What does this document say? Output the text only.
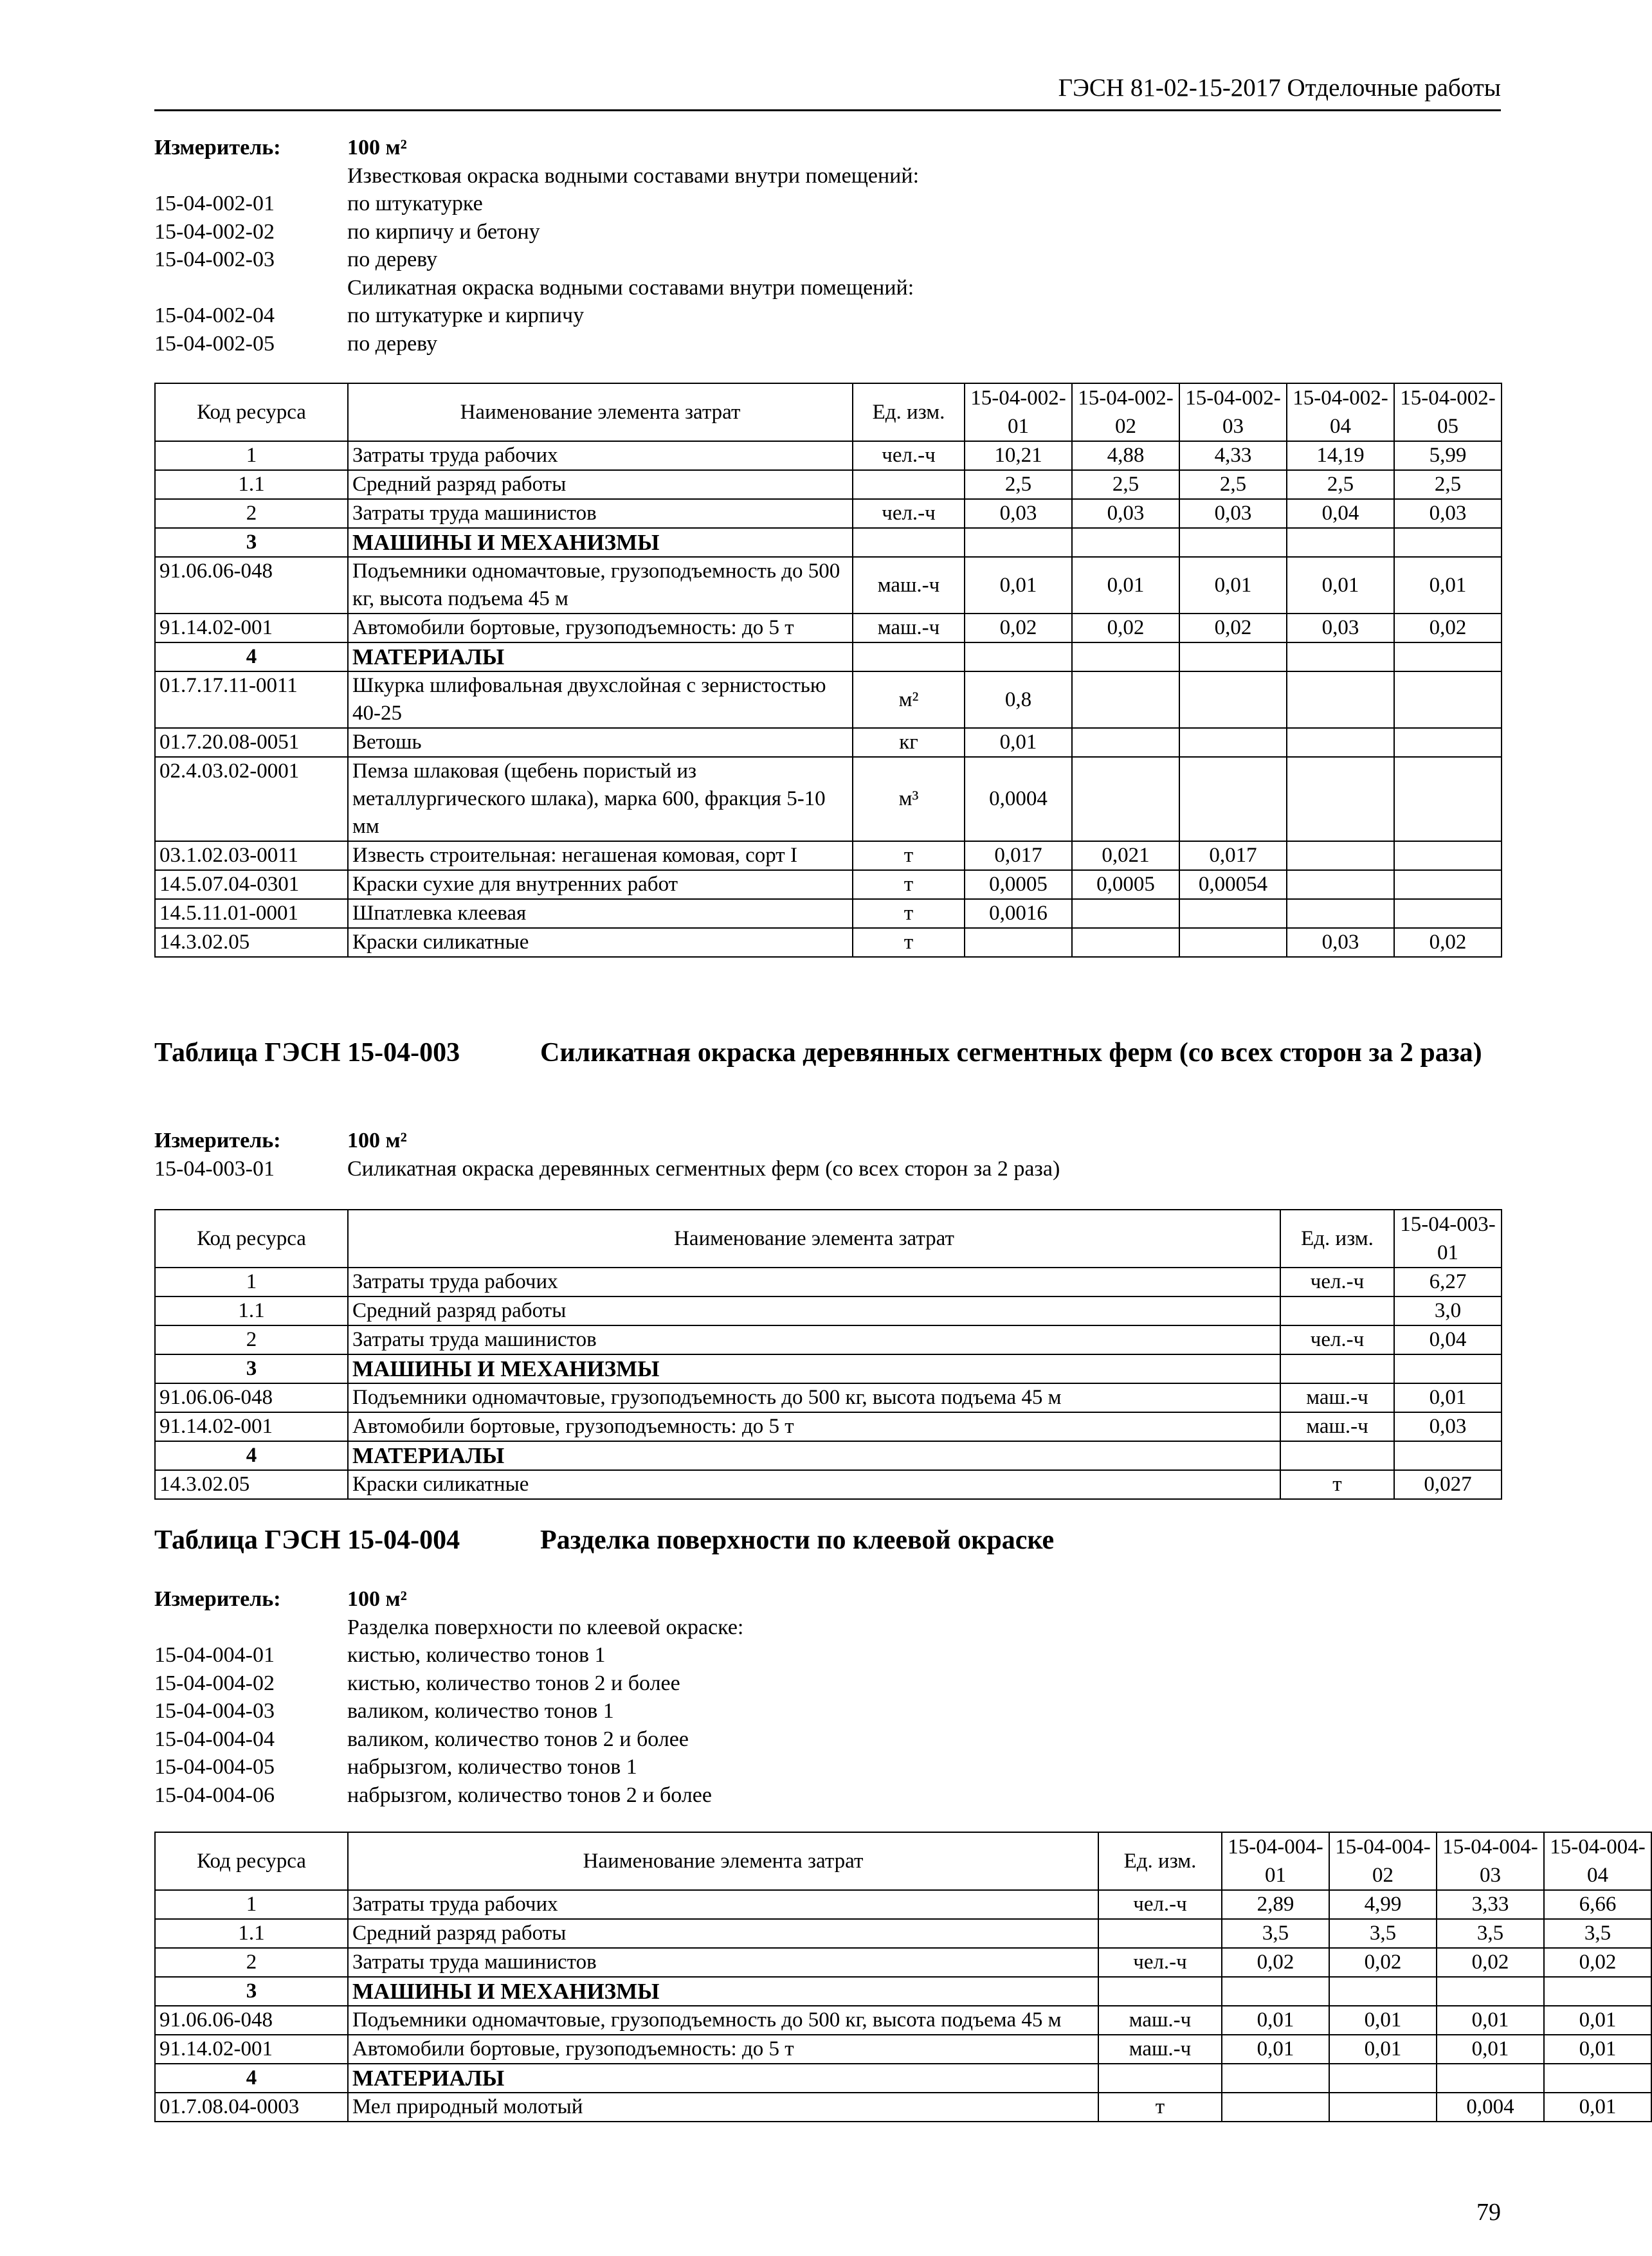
ГЭСН 81-02-15-2017 Отделочные работы
Измеритель:	100 м²
Известковая окраска водными составами внутри помещений:
15-04-002-01	по штукатурке
15-04-002-02	по кирпичу и бетону
15-04-002-03	по дереву
Силикатная окраска водными составами внутри помещений:
15-04-002-04	по штукатурке и кирпичу
15-04-002-05	по дереву
Код ресурса	Наименование элемента затрат	Ед. изм.	15-04-002-01	15-04-002-02	15-04-002-03	15-04-002-04	15-04-002-05
1	Затраты труда рабочих	чел.-ч	10,21	4,88	4,33	14,19	5,99
1.1	Средний разряд работы		2,5	2,5	2,5	2,5	2,5
2	Затраты труда машинистов	чел.-ч	0,03	0,03	0,03	0,04	0,03
3	МАШИНЫ И МЕХАНИЗМЫ						
91.06.06-048	Подъемники одномачтовые, грузоподъемность до 500 кг, высота подъема 45 м	маш.-ч	0,01	0,01	0,01	0,01	0,01
91.14.02-001	Автомобили бортовые, грузоподъемность: до 5 т	маш.-ч	0,02	0,02	0,02	0,03	0,02
4	МАТЕРИАЛЫ						
01.7.17.11-0011	Шкурка шлифовальная двухслойная с зернистостью 40-25	м²	0,8				
01.7.20.08-0051	Ветошь	кг	0,01				
02.4.03.02-0001	Пемза шлаковая (щебень пористый из металлургического шлака), марка 600, фракция 5-10 мм	м³	0,0004				
03.1.02.03-0011	Известь строительная: негашеная комовая, сорт I	т	0,017	0,021	0,017		
14.5.07.04-0301	Краски сухие для внутренних работ	т	0,0005	0,0005	0,00054		
14.5.11.01-0001	Шпатлевка клеевая	т	0,0016				
14.3.02.05	Краски силикатные	т				0,03	0,02
Таблица ГЭСН 15-04-003	Силикатная окраска деревянных сегментных ферм (со всех сторон за 2 раза)
Измеритель:	100 м²
15-04-003-01	Силикатная окраска деревянных сегментных ферм (со всех сторон за 2 раза)
Код ресурса	Наименование элемента затрат	Ед. изм.	15-04-003-01
1	Затраты труда рабочих	чел.-ч	6,27
1.1	Средний разряд работы		3,0
2	Затраты труда машинистов	чел.-ч	0,04
3	МАШИНЫ И МЕХАНИЗМЫ		
91.06.06-048	Подъемники одномачтовые, грузоподъемность до 500 кг, высота подъема 45 м	маш.-ч	0,01
91.14.02-001	Автомобили бортовые, грузоподъемность: до 5 т	маш.-ч	0,03
4	МАТЕРИАЛЫ		
14.3.02.05	Краски силикатные	т	0,027
Таблица ГЭСН 15-04-004	Разделка поверхности по клеевой окраске
Измеритель:	100 м²
Разделка поверхности по клеевой окраске:
15-04-004-01	кистью, количество тонов 1
15-04-004-02	кистью, количество тонов 2 и более
15-04-004-03	валиком, количество тонов 1
15-04-004-04	валиком, количество тонов 2 и более
15-04-004-05	набрызгом, количество тонов 1
15-04-004-06	набрызгом, количество тонов 2 и более
Код ресурса	Наименование элемента затрат	Ед. изм.	15-04-004-01	15-04-004-02	15-04-004-03	15-04-004-04
1	Затраты труда рабочих	чел.-ч	2,89	4,99	3,33	6,66
1.1	Средний разряд работы		3,5	3,5	3,5	3,5
2	Затраты труда машинистов	чел.-ч	0,02	0,02	0,02	0,02
3	МАШИНЫ И МЕХАНИЗМЫ					
91.06.06-048	Подъемники одномачтовые, грузоподъемность до 500 кг, высота подъема 45 м	маш.-ч	0,01	0,01	0,01	0,01
91.14.02-001	Автомобили бортовые, грузоподъемность: до 5 т	маш.-ч	0,01	0,01	0,01	0,01
4	МАТЕРИАЛЫ					
01.7.08.04-0003	Мел природный молотый	т			0,004	0,01
79
